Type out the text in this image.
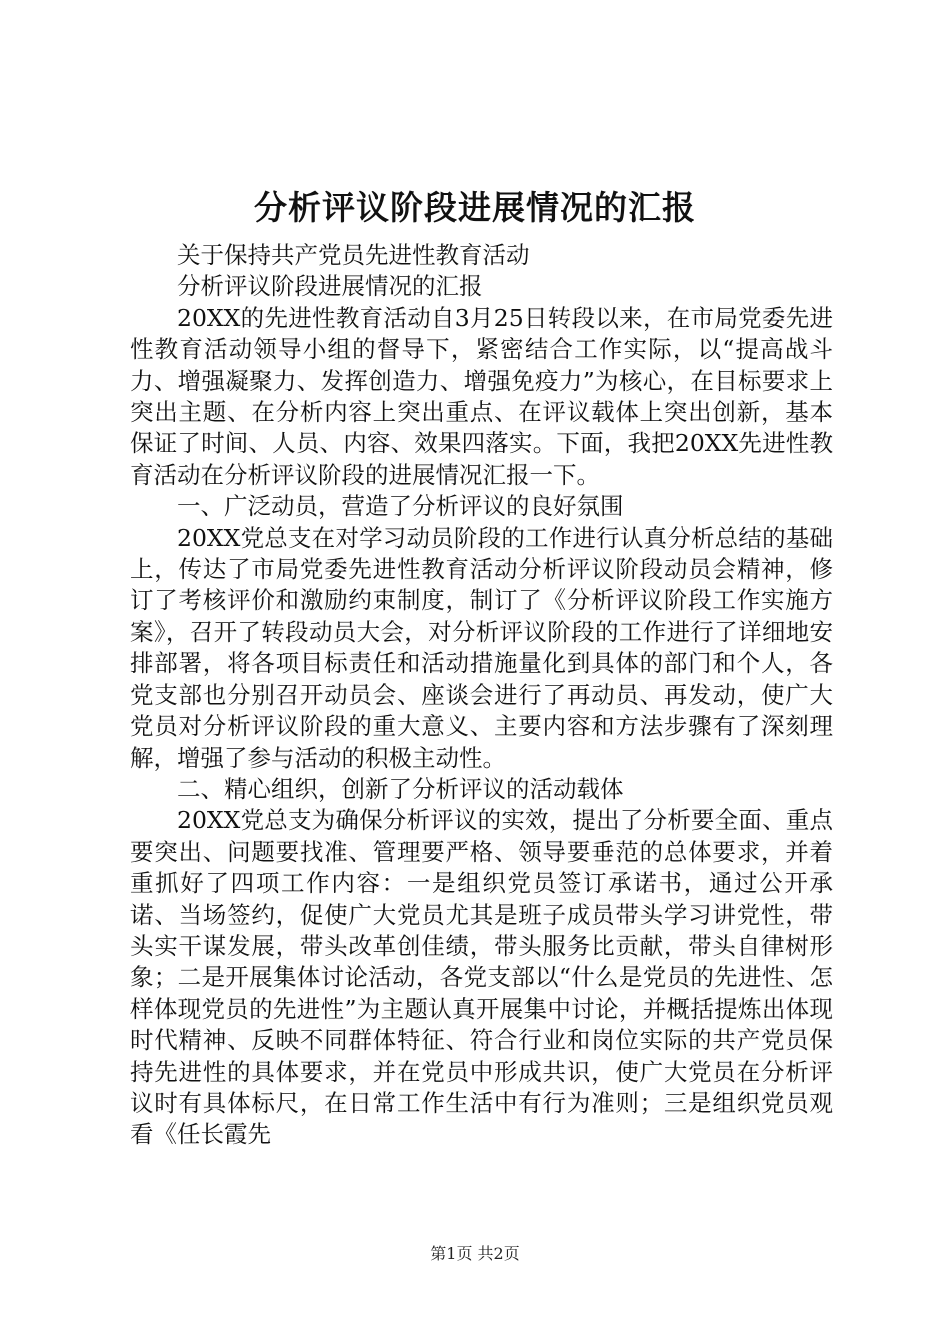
分析评议阶段进展情况的汇报

关于保持共产党员先进性教育活动

分析评议阶段进展情况的汇报

20XX的先进性教育活动自3月25日转段以来，在市局党委先进性教育活动领导小组的督导下，紧密结合工作实际，以“提高战斗力、增强凝聚力、发挥创造力、增强免疫力”为核心，在目标要求上突出主题、在分析内容上突出重点、在评议载体上突出创新，基本保证了时间、人员、内容、效果四落实。下面，我把20XX先进性教育活动在分析评议阶段的进展情况汇报一下。

一、广泛动员，营造了分析评议的良好氛围

20XX党总支在对学习动员阶段的工作进行认真分析总结的基础上，传达了市局党委先进性教育活动分析评议阶段动员会精神，修订了考核评价和激励约束制度，制订了《分析评议阶段工作实施方案》，召开了转段动员大会，对分析评议阶段的工作进行了详细地安排部署，将各项目标责任和活动措施量化到具体的部门和个人，各党支部也分别召开动员会、座谈会进行了再动员、再发动，使广大党员对分析评议阶段的重大意义、主要内容和方法步骤有了深刻理解，增强了参与活动的积极主动性。

二、精心组织，创新了分析评议的活动载体

20XX党总支为确保分析评议的实效，提出了分析要全面、重点要突出、问题要找准、管理要严格、领导要垂范的总体要求，并着重抓好了四项工作内容：一是组织党员签订承诺书，通过公开承诺、当场签约，促使广大党员尤其是班子成员带头学习讲党性，带头实干谋发展，带头改革创佳绩，带头服务比贡献，带头自律树形象；二是开展集体讨论活动，各党支部以“什么是党员的先进性、怎样体现党员的先进性”为主题认真开展集中讨论，并概括提炼出体现时代精神、反映不同群体特征、符合行业和岗位实际的共产党员保持先进性的具体要求，并在党员中形成共识，使广大党员在分析评议时有具体标尺，在日常工作生活中有行为准则；三是组织党员观看《任长霞先

第1页 共2页
